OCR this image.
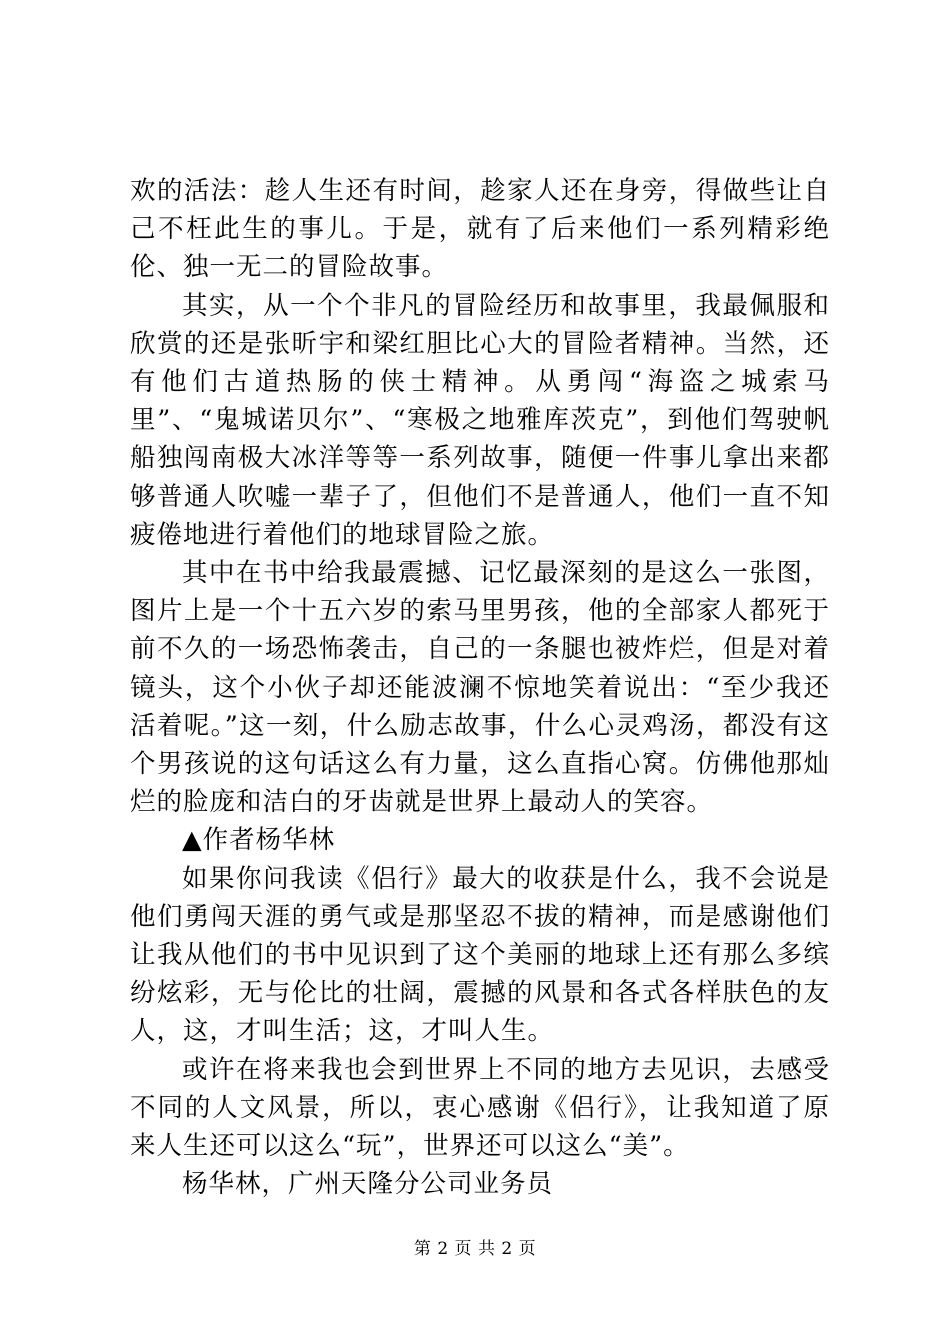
欢的活法：趁人生还有时间，趁家人还在身旁，得做些让自己不枉此生的事儿。于是，就有了后来他们一系列精彩绝伦、独一无二的冒险故事。

其实，从一个个非凡的冒险经历和故事里，我最佩服和欣赏的还是张昕宇和梁红胆比心大的冒险者精神。当然，还有他们古道热肠的侠士精神。从勇闯“海盗之城索马里”、“鬼城诺贝尔”、“寒极之地雅库茨克”，到他们驾驶帆船独闯南极大冰洋等等一系列故事，随便一件事儿拿出来都够普通人吹嘘一辈子了，但他们不是普通人，他们一直不知疲倦地进行着他们的地球冒险之旅。

其中在书中给我最震撼、记忆最深刻的是这么一张图，图片上是一个十五六岁的索马里男孩，他的全部家人都死于前不久的一场恐怖袭击，自己的一条腿也被炸烂，但是对着镜头，这个小伙子却还能波澜不惊地笑着说出：“至少我还活着呢。”这一刻，什么励志故事，什么心灵鸡汤，都没有这个男孩说的这句话这么有力量，这么直指心窝。仿佛他那灿烂的脸庞和洁白的牙齿就是世界上最动人的笑容。

▲作者杨华林

如果你问我读《侣行》最大的收获是什么，我不会说是他们勇闯天涯的勇气或是那坚忍不拔的精神，而是感谢他们让我从他们的书中见识到了这个美丽的地球上还有那么多缤纷炫彩，无与伦比的壮阔，震撼的风景和各式各样肤色的友人，这，才叫生活；这，才叫人生。

或许在将来我也会到世界上不同的地方去见识，去感受不同的人文风景，所以，衷心感谢《侣行》，让我知道了原来人生还可以这么“玩”，世界还可以这么“美”。

杨华林，广州天隆分公司业务员

第 2 页 共 2 页
